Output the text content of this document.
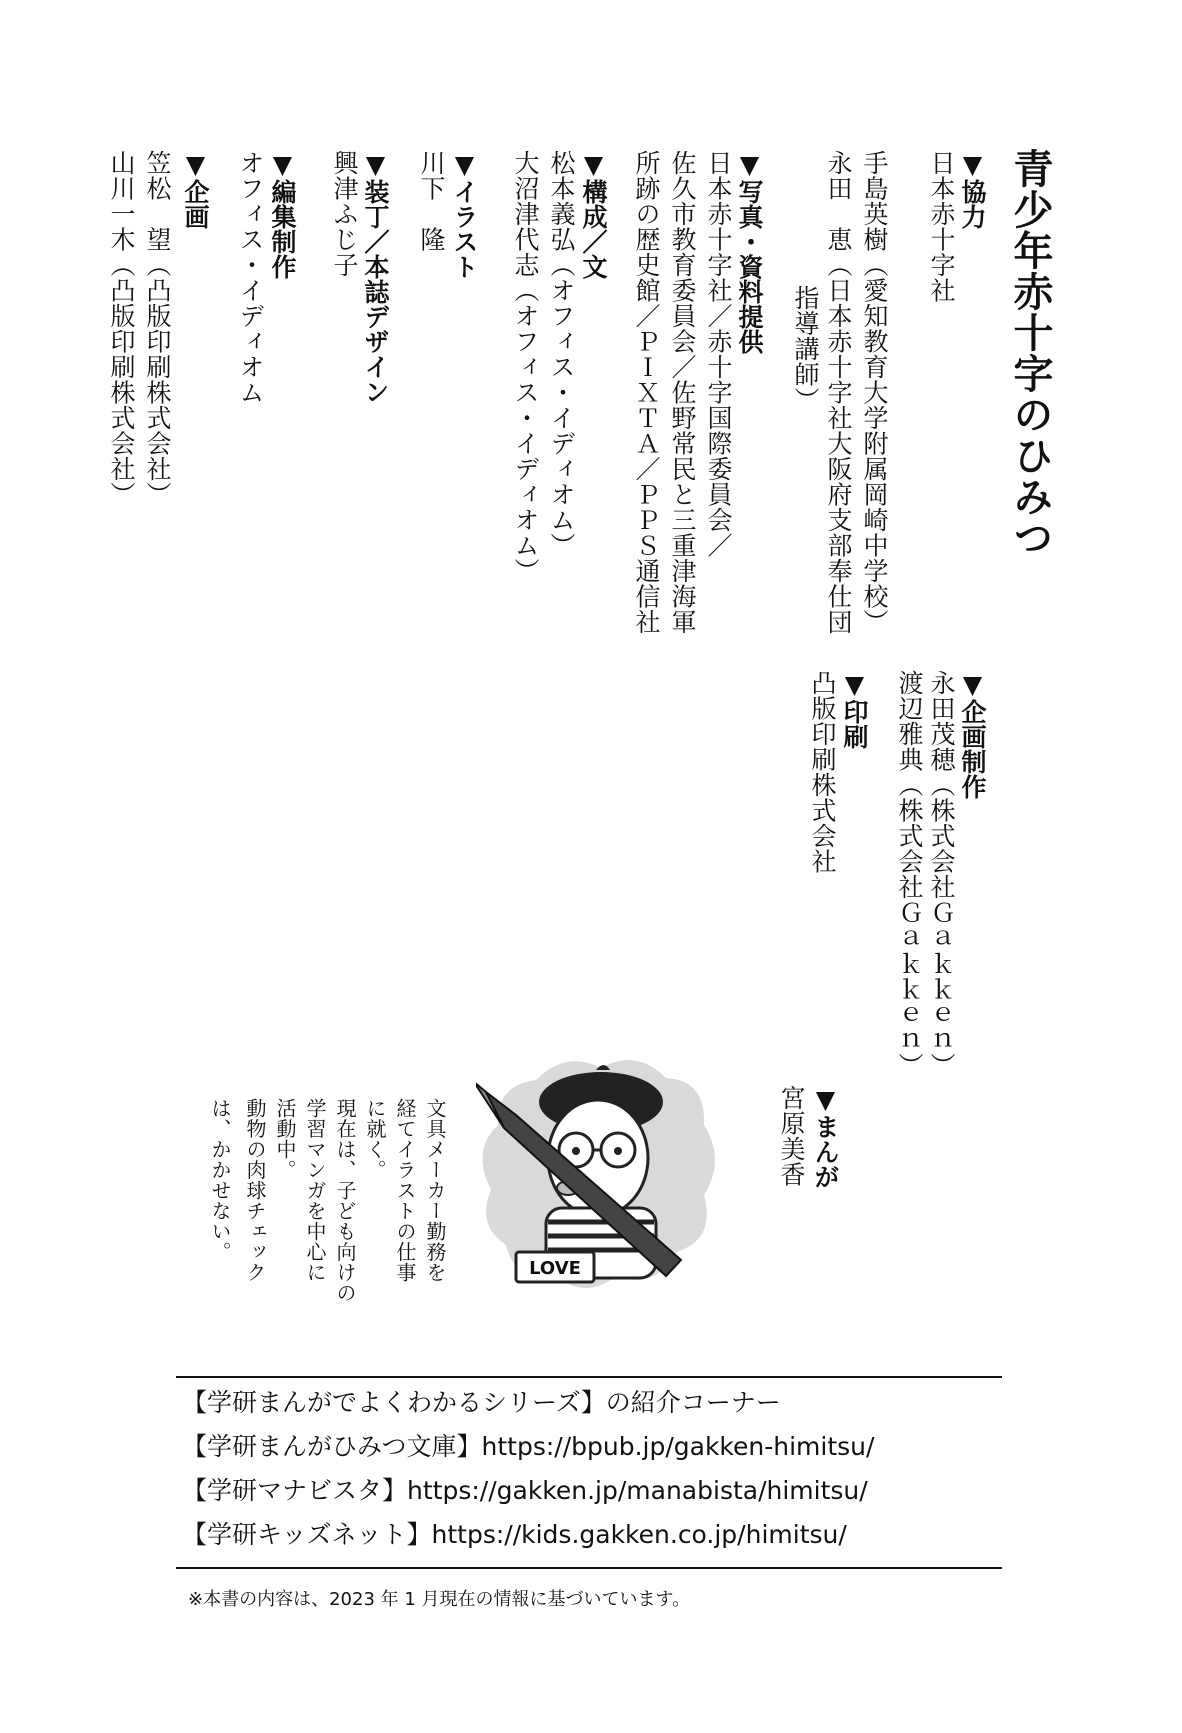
青少年赤十字のひみつ
▼協力
日本赤十字社
手島英樹（愛知教育大学附属岡崎中学校）
永田　恵（日本赤十字社大阪府支部奉仕団
指導講師）
▼写真・資料提供
日本赤十字社／赤十字国際委員会／
佐久市教育委員会／佐野常民と三重津海軍
所跡の歴史館／ＰＩＸＴＡ／ＰＰＳ通信社
▼構成／文
松本義弘（オフィス・イディオム）
大沼津代志（オフィス・イディオム）
▼イラスト
川下　隆
▼装丁／本誌デザイン
興津ふじ子
▼編集制作
オフィス・イディオム
▼企画
笠松　望（凸版印刷株式会社）
山川一木（凸版印刷株式会社）
▼企画制作
永田茂穂（株式会社Ｇａｋｋｅｎ）
渡辺雅典（株式会社Ｇａｋｋｅｎ）
▼印刷
凸版印刷株式会社
▼まんが
宮原美香
LOVE
文具メーカー勤務を
経てイラストの仕事
に就く。
現在は、子ども向けの
学習マンガを中心に
活動中。
動物の肉球チェック
は、かかせない。
【学研まんがでよくわかるシリーズ】の紹介コーナー
【学研まんがひみつ文庫】https://bpub.jp/gakken-himitsu/
【学研マナビスタ】https://gakken.jp/manabista/himitsu/
【学研キッズネット】https://kids.gakken.co.jp/himitsu/
※本書の内容は、2023 年 1 月現在の情報に基づいています。
